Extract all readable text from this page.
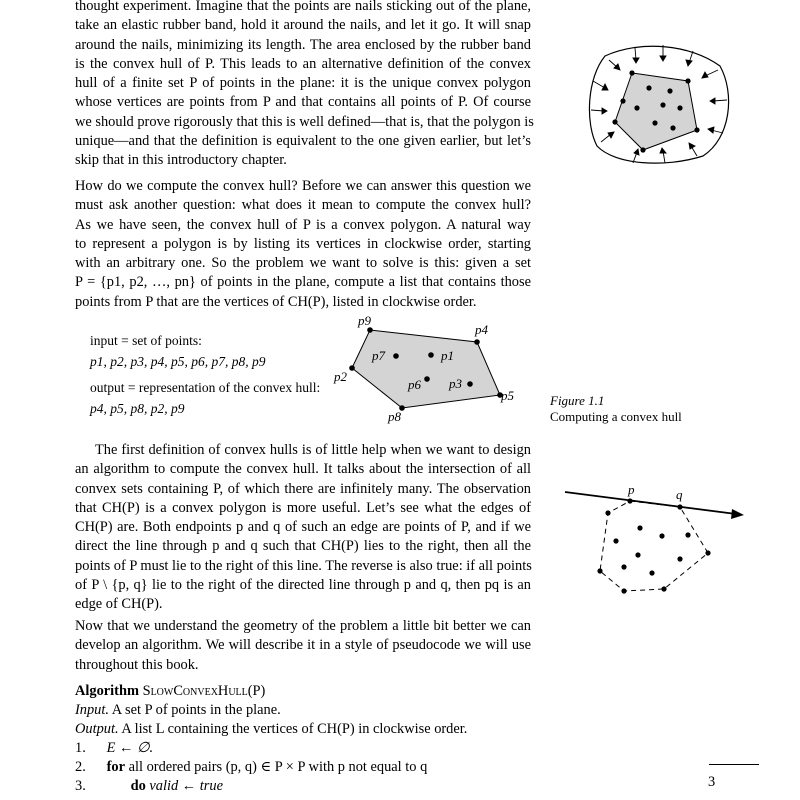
thought experiment. Imagine that the points are nails sticking out of the plane,
take an elastic rubber band, hold it around the nails, and let it go. It will snap
around the nails, minimizing its length. The area enclosed by the rubber band
is the convex hull of P. This leads to an alternative definition of the convex
hull of a finite set P of points in the plane: it is the unique convex polygon
whose vertices are points from P and that contains all points of P. Of course
we should prove rigorously that this is well defined—that is, that the polygon is
unique—and that the definition is equivalent to the one given earlier, but let’s
skip that in this introductory chapter.
How do we compute the convex hull? Before we can answer this question we
must ask another question: what does it mean to compute the convex hull?
As we have seen, the convex hull of P is a convex polygon. A natural way
to represent a polygon is by listing its vertices in clockwise order, starting
with an arbitrary one. So the problem we want to solve is this: given a set
P = {p1, p2, …, pn} of points in the plane, compute a list that contains those
points from P that are the vertices of CH(P), listed in clockwise order.
input = set of points:
p1, p2, p3, p4, p5, p6, p7, p8, p9
output = representation of the convex hull:
p4, p5, p8, p2, p9
p9
p4
p7	p1
p2
p6 p3
p5
p8
Figure 1.1
Computing a convex hull
The first definition of convex hulls is of little help when we want to design
an algorithm to compute the convex hull. It talks about the intersection of all
convex sets containing P, of which there are infinitely many. The observation
that CH(P) is a convex polygon is more useful. Let’s see what the edges of
CH(P) are. Both endpoints p and q of such an edge are points of P, and if we
direct the line through p and q such that CH(P) lies to the right, then all the
points of P must lie to the right of this line. The reverse is also true: if all points
of P \ {p, q} lie to the right of the directed line through p and q, then pq is an
edge of CH(P).
p	q
Now that we understand the geometry of the problem a little bit better we can
develop an algorithm. We will describe it in a style of pseudocode we will use
throughout this book.
Algorithm SlowConvexHull(P)
Input. A set P of points in the plane.
Output. A list L containing the vertices of CH(P) in clockwise order.
1. E ← ∅.
2. for all ordered pairs (p, q) ∈ P × P with p not equal to q
3.	do valid ← true	3
